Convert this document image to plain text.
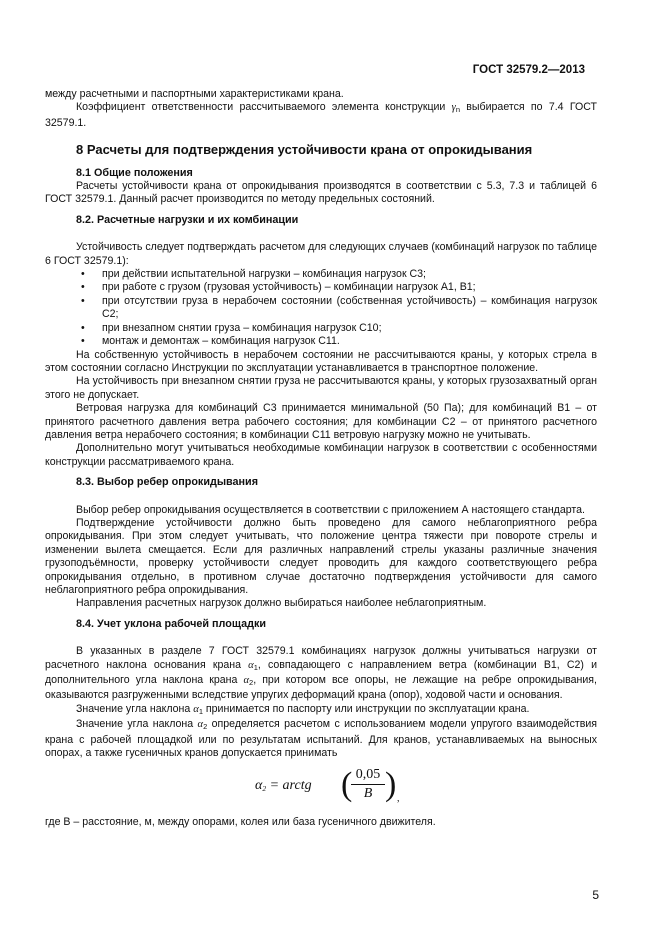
ГОСТ 32579.2—2013

между расчетными и паспортными характеристиками крана.

Коэффициент ответственности рассчитываемого элемента конструкции $\gamma_n$ выбирается по 7.4 ГОСТ 32579.1.

8 Расчеты для подтверждения устойчивости крана от опрокидывания
8.1 Общие положения

Расчеты устойчивости крана от опрокидывания производятся в соответствии с 5.3, 7.3 и таблицей 6 ГОСТ 32579.1. Данный расчет производится по методу предельных состояний.

8.2. Расчетные нагрузки и их комбинации

Устойчивость следует подтверждать расчетом для следующих случаев (комбинаций нагрузок по таблице 6 ГОСТ 32579.1):

• при действии испытательной нагрузки – комбинация нагрузок C3;

• при работе с грузом (грузовая устойчивость) – комбинации нагрузок A1, B1;

• при отсутствии груза в нерабочем состоянии (собственная устойчивость) – комбинация нагрузок C2;

• при внезапном снятии груза – комбинация нагрузок C10;

• монтаж и демонтаж – комбинация нагрузок C11.

На собственную устойчивость в нерабочем состоянии не рассчитываются краны, у которых стрела в этом состоянии согласно Инструкции по эксплуатации устанавливается в транспортное положение.

На устойчивость при внезапном снятии груза не рассчитываются краны, у которых грузозахватный орган этого не допускает.

Ветровая нагрузка для комбинаций C3 принимается минимальной (50 Па); для комбинаций B1 – от принятого расчетного давления ветра рабочего состояния; для комбинации C2 – от принятого расчетного давления ветра нерабочего состояния; в комбинации C11 ветровую нагрузку можно не учитывать.

Дополнительно могут учитываться необходимые комбинации нагрузок в соответствии с особенностями конструкции рассматриваемого крана.

8.3. Выбор ребер опрокидывания

Выбор ребер опрокидывания осуществляется в соответствии с приложением А настоящего стандарта.

Подтверждение устойчивости должно быть проведено для самого неблагоприятного ребра опрокидывания. При этом следует учитывать, что положение центра тяжести при повороте стрелы и изменении вылета смещается. Если для различных направлений стрелы указаны различные значения грузоподъёмности, проверку устойчивости следует проводить для каждого соответствующего ребра опрокидывания отдельно, в противном случае достаточно подтверждения устойчивости для самого неблагоприятного ребра опрокидывания.

Направления расчетных нагрузок должно выбираться наиболее неблагоприятным.

8.4. Учет уклона рабочей площадки

В указанных в разделе 7 ГОСТ 32579.1 комбинациях нагрузок должны учитываться нагрузки от расчетного наклона основания крана $\alpha_1$, совпадающего с направлением ветра (комбинации B1, C2) и дополнительного угла наклона крана $\alpha_2$, при котором все опоры, не лежащие на ребре опрокидывания, оказываются разгруженными вследствие упругих деформаций крана (опор), ходовой части и основания.

Значение угла наклона $\alpha_1$ принимается по паспорту или инструкции по эксплуатации крана.

Значение угла наклона $\alpha_2$ определяется расчетом с использованием модели упругого взаимодействия крана с рабочей площадкой или по результатам испытаний. Для кранов, устанавливаемых на выносных опорах, а также гусеничных кранов допускается принимать

$\alpha_2$ = arctg (
$\frac{0,05}{B}$ ) ,

где B – расстояние, м, между опорами, колея или база гусеничного движителя.

5
